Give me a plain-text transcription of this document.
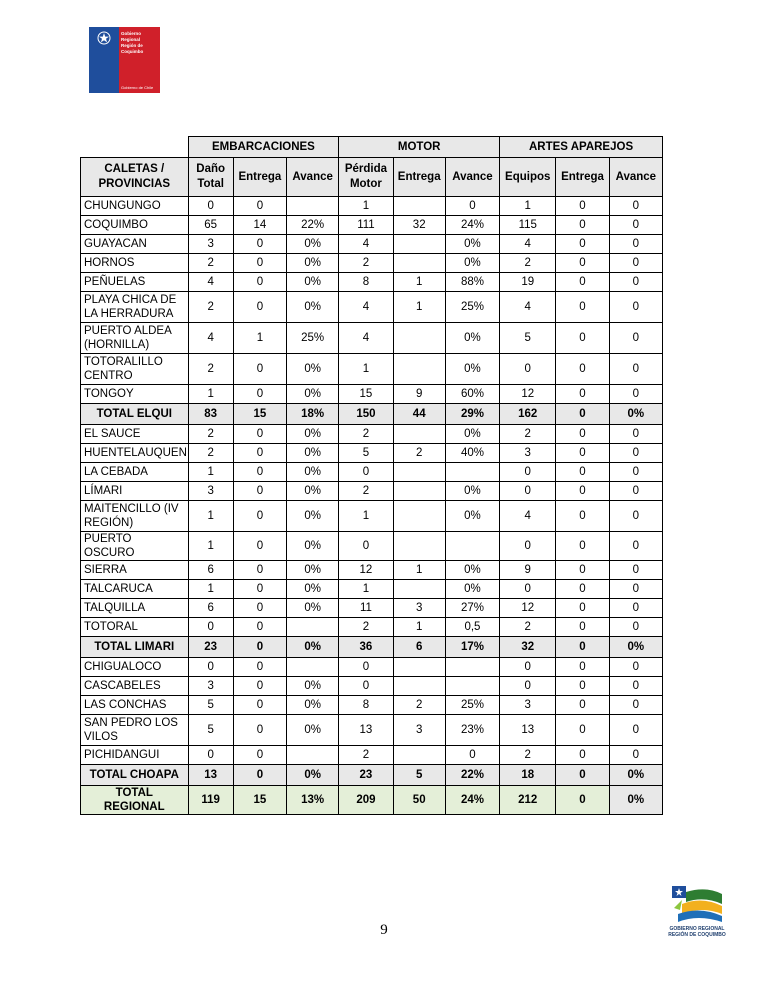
Gobierno
Regional
Región de Coquimbo
Gobierno de Chile
	EMBARCACIONES			MOTOR			ARTES APAREJOS		
CALETAS / PROVINCIAS	Daño Total	Entrega	Avance	Pérdida Motor	Entrega	Avance	Equipos	Entrega	Avance
CHUNGUNGO	0	0		1		0	1	0	0
COQUIMBO	65	14	22%	111	32	24%	115	0	0
GUAYACAN	3	0	0%	4		0%	4	0	0
HORNOS	2	0	0%	2		0%	2	0	0
PEÑUELAS	4	0	0%	8	1	88%	19	0	0
PLAYA CHICA DE LA HERRADURA	2	0	0%	4	1	25%	4	0	0
PUERTO ALDEA (HORNILLA)	4	1	25%	4		0%	5	0	0
TOTORALILLO CENTRO	2	0	0%	1		0%	0	0	0
TONGOY	1	0	0%	15	9	60%	12	0	0
TOTAL ELQUI	83	15	18%	150	44	29%	162	0	0%
EL SAUCE	2	0	0%	2		0%	2	0	0
HUENTELAUQUEN	2	0	0%	5	2	40%	3	0	0
LA CEBADA	1	0	0%	0			0	0	0
LÍMARI	3	0	0%	2		0%	0	0	0
MAITENCILLO (IV REGIÓN)	1	0	0%	1		0%	4	0	0
PUERTO OSCURO	1	0	0%	0			0	0	0
SIERRA	6	0	0%	12	1	0%	9	0	0
TALCARUCA	1	0	0%	1		0%	0	0	0
TALQUILLA	6	0	0%	11	3	27%	12	0	0
TOTORAL	0	0		2	1	0,5	2	0	0
TOTAL LIMARI	23	0	0%	36	6	17%	32	0	0%
CHIGUALOCO	0	0		0			0	0	0
CASCABELES	3	0	0%	0			0	0	0
LAS CONCHAS	5	0	0%	8	2	25%	3	0	0
SAN PEDRO LOS VILOS	5	0	0%	13	3	23%	13	0	0
PICHIDANGUI	0	0		2		0	2	0	0
TOTAL CHOAPA	13	0	0%	23	5	22%	18	0	0%
TOTAL REGIONAL	119	15	13%	209	50	24%	212	0	0%
9	GOBIERNO REGIONAL
REGIÓN DE COQUIMBO
